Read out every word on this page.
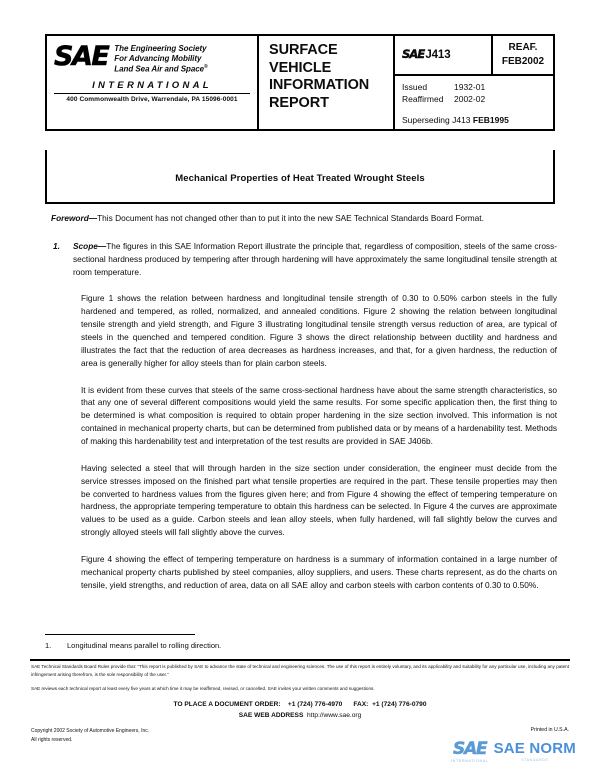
SAE The Engineering Society
For Advancing Mobility
Land Sea Air and Space®
INTERNATIONAL
400 Commonwealth Drive, Warrendale, PA 15096-0001
SURFACE
VEHICLE
INFORMATION
REPORT
SAE J413
REAF.
FEB2002
Issued	1932-01
Reaffirmed	2002-02
Superseding J413 FEB1995
Mechanical Properties of Heat Treated Wrought Steels
Foreword—This Document has not changed other than to put it into the new SAE Technical Standards Board Format.
1.	Scope—The figures in this SAE Information Report illustrate the principle that, regardless of composition, steels of the same cross-sectional hardness produced by tempering after through hardening will have approximately the same longitudinal tensile strength at room temperature.
Figure 1 shows the relation between hardness and longitudinal tensile strength of 0.30 to 0.50% carbon steels in the fully hardened and tempered, as rolled, normalized, and annealed conditions. Figure 2 showing the relation between longitudinal tensile strength and yield strength, and Figure 3 illustrating longitudinal tensile strength versus reduction of area, are typical of steels in the quenched and tempered condition. Figure 3 shows the direct relationship between ductility and hardness and illustrates the fact that the reduction of area decreases as hardness increases, and that, for a given hardness, the reduction of area is generally higher for alloy steels than for plain carbon steels.
It is evident from these curves that steels of the same cross-sectional hardness have about the same strength characteristics, so that any one of several different compositions would yield the same results. For some specific application then, the first thing to be determined is what composition is required to obtain proper hardening in the size section involved. This information is not contained in mechanical property charts, but can be determined from published data or by means of a hardenability test. Methods of making this hardenability test and interpretation of the test results are provided in SAE J406b.
Having selected a steel that will through harden in the size section under consideration, the engineer must decide from the service stresses imposed on the finished part what tensile properties are required in the part. These tensile properties may then be converted to hardness values from the figures given here; and from Figure 4 showing the effect of tempering temperature on hardness, the appropriate tempering temperature to obtain this hardness can be selected. In Figure 4 the curves are approximate values to be used as a guide. Carbon steels and lean alloy steels, when fully hardened, will fall slightly below the curves and strongly alloyed steels will fall slightly above the curves.
Figure 4 showing the effect of tempering temperature on hardness is a summary of information contained in a large number of mechanical property charts published by steel companies, alloy suppliers, and users. These charts represent, as do the charts on tensile, yield strengths, and reduction of area, data on all SAE alloy and carbon steels with carbon contents of 0.30 to 0.50%.
1.	Longitudinal means parallel to rolling direction.

SAE Technical Standards Board Rules provide that: “This report is published by SAE to advance the state of technical and engineering sciences. The use of this report is entirely voluntary, and its applicability and suitability for any particular use, including any patent infringement arising therefrom, is the sole responsibility of the user.”

SAE reviews each technical report at least every five years at which time it may be reaffirmed, revised, or cancelled. SAE invites your written comments and suggestions.

TO PLACE A DOCUMENT ORDER: +1 (724) 776-4970 FAX: +1 (724) 776-0790
SAE WEB ADDRESS http://www.sae.org
Copyright 2002 Society of Automotive Engineers, Inc.
All rights reserved.
Printed in U.S.A.
SAE
INTERNATIONAL
SAE NORM
STANDARDS
